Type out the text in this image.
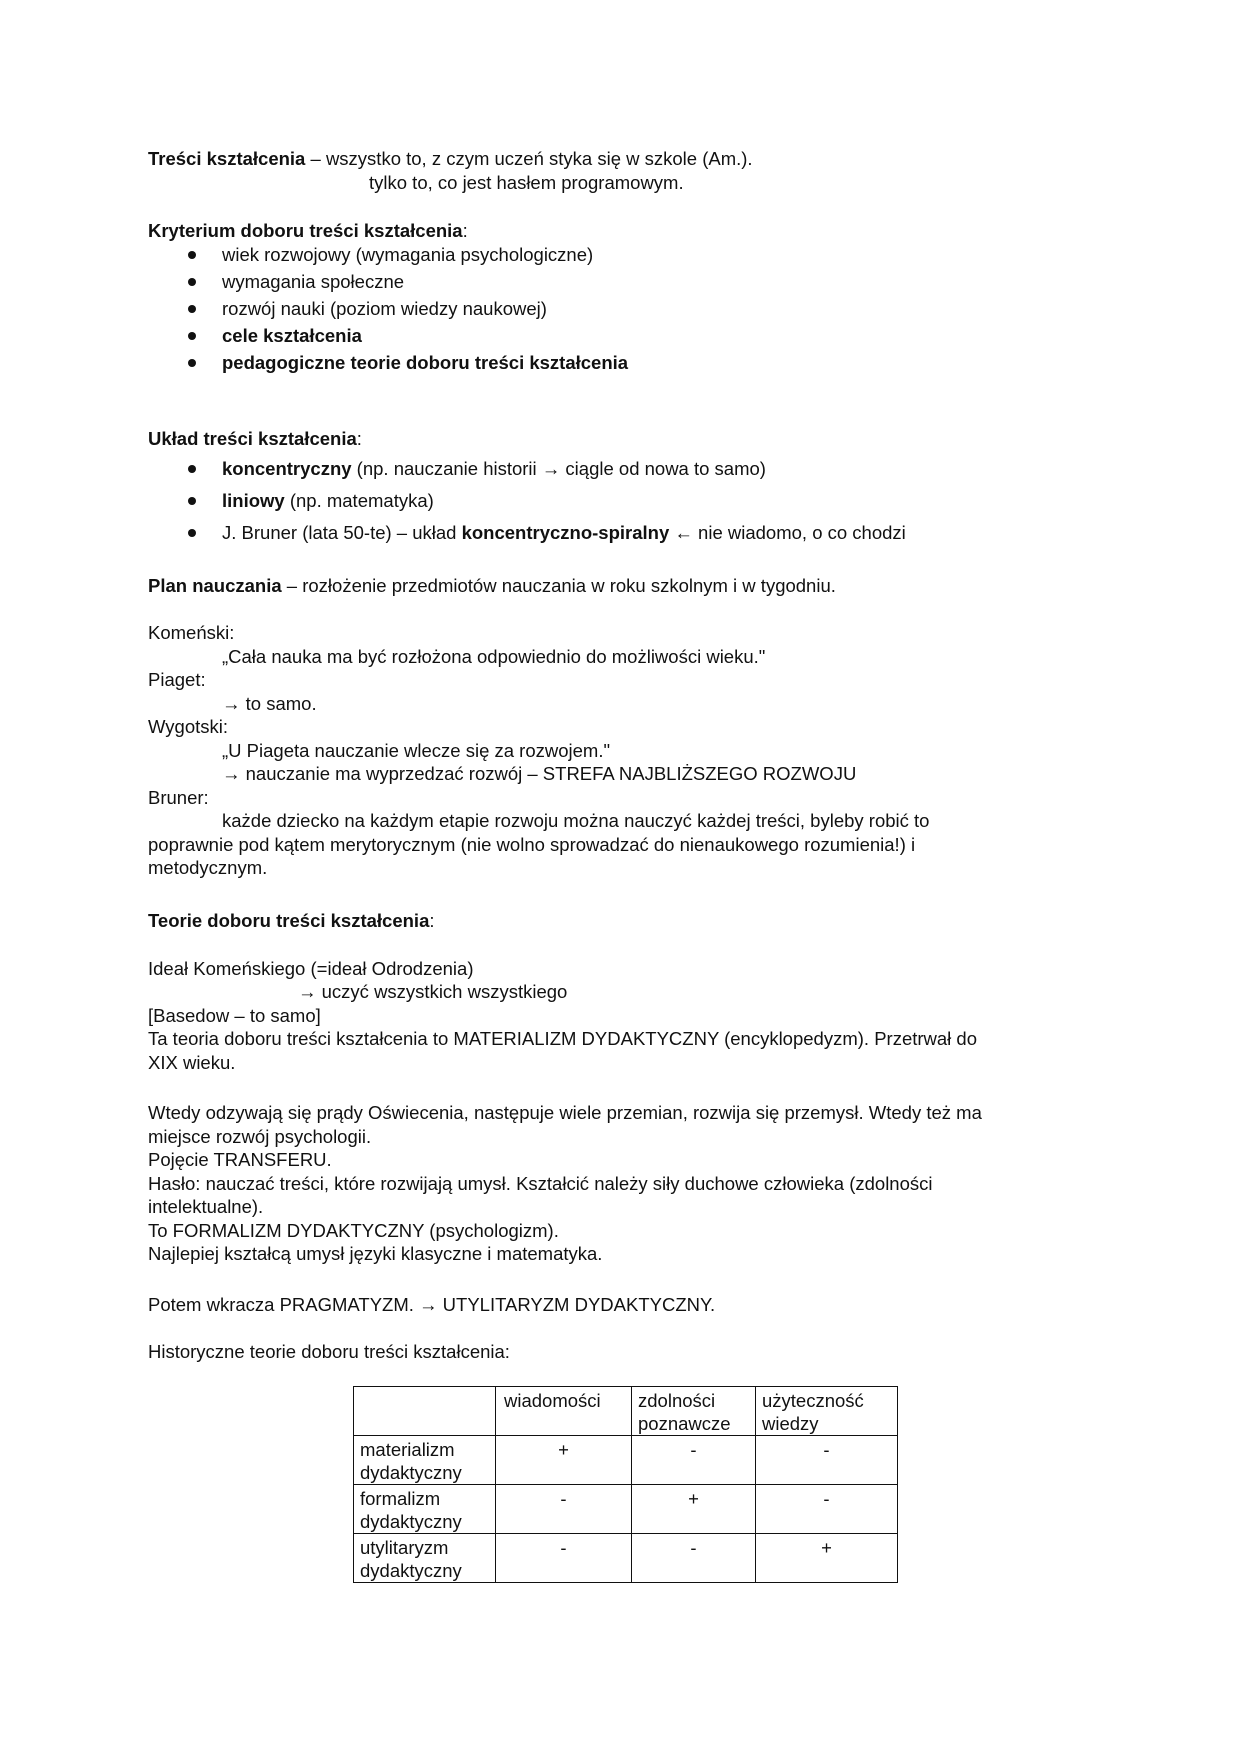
Treści kształcenia – wszystko to, z czym uczeń styka się w szkole (Am.).

tylko to, co jest hasłem programowym.

Kryterium doboru treści kształcenia:

wiek rozwojowy (wymagania psychologiczne)
wymagania społeczne
rozwój nauki (poziom wiedzy naukowej)
cele kształcenia
pedagogiczne teorie doboru treści kształcenia

Układ treści kształcenia:

koncentryczny (np. nauczanie historii → ciągle od nowa to samo)
liniowy (np. matematyka)
J. Bruner (lata 50-te) – układ koncentryczno-spiralny ← nie wiadomo, o co chodzi

Plan nauczania – rozłożenie przedmiotów nauczania w roku szkolnym i w tygodniu.

Komeński:

„Cała nauka ma być rozłożona odpowiednio do możliwości wieku."

Piaget:

→ to samo.

Wygotski:

„U Piageta nauczanie wlecze się za rozwojem."

→ nauczanie ma wyprzedzać rozwój – STREFA NAJBLIŻSZEGO ROZWOJU

Bruner:

każde dziecko na każdym etapie rozwoju można nauczyć każdej treści, byleby robić to

poprawnie pod kątem merytorycznym (nie wolno sprowadzać do nienaukowego rozumienia!) i

metodycznym.

Teorie doboru treści kształcenia:

Ideał Komeńskiego (=ideał Odrodzenia)

→ uczyć wszystkich wszystkiego

[Basedow – to samo]

Ta teoria doboru treści kształcenia to MATERIALIZM DYDAKTYCZNY (encyklopedyzm). Przetrwał do

XIX wieku.

Wtedy odzywają się prądy Oświecenia, następuje wiele przemian, rozwija się przemysł. Wtedy też ma

miejsce rozwój psychologii.

Pojęcie TRANSFERU.

Hasło: nauczać treści, które rozwijają umysł. Kształcić należy siły duchowe człowieka (zdolności

intelektualne).

To FORMALIZM DYDAKTYCZNY (psychologizm).

Najlepiej kształcą umysł języki klasyczne i matematyka.

Potem wkracza PRAGMATYZM. → UTYLITARYZM DYDAKTYCZNY.

Historyczne teorie doboru treści kształcenia:

	wiadomości	zdolności poznawcze	użyteczność wiedzy
materializm dydaktyczny	+	-	-
formalizm dydaktyczny	-	+	-
utylitaryzm dydaktyczny	-	-	+
